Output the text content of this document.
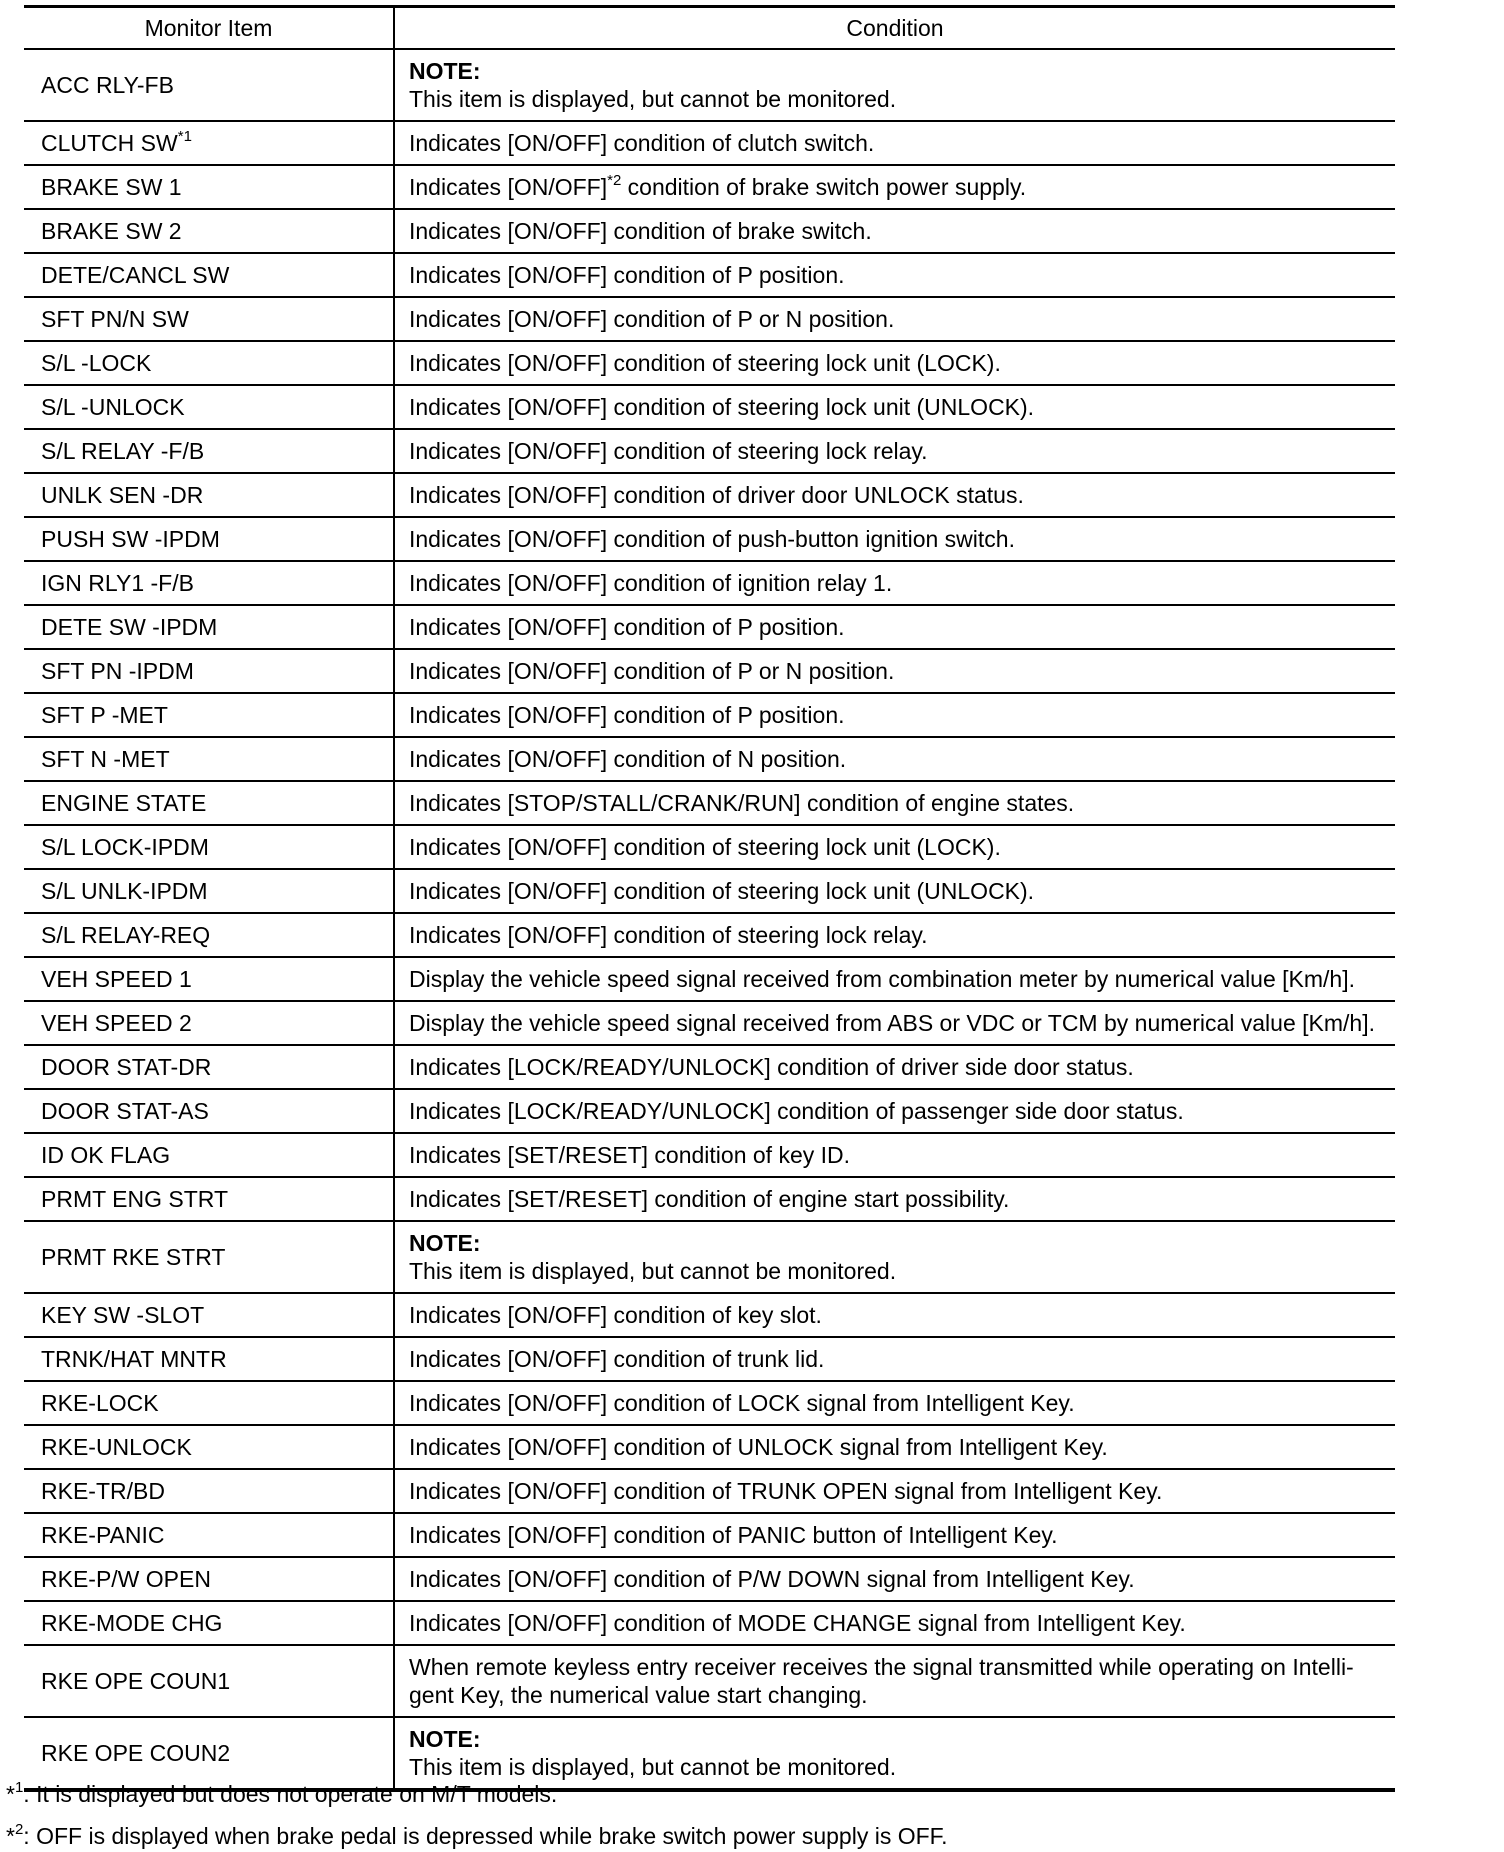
Monitor Item	Condition
ACC RLY-FB	NOTE:
This item is displayed, but cannot be monitored.

CLUTCH SW$^{*1}$	Indicates [ON/OFF] condition of clutch switch.
BRAKE SW 1	Indicates $[ON/OFF]^{*2}$ condition of brake switch power supply.
BRAKE SW 2	Indicates [ON/OFF] condition of brake switch.
DETE/CANCL SW	Indicates [ON/OFF] condition of P position.
SFT PN/N SW	Indicates [ON/OFF] condition of P or N position.
S/L -LOCK	Indicates [ON/OFF] condition of steering lock unit (LOCK).
S/L -UNLOCK	Indicates [ON/OFF] condition of steering lock unit (UNLOCK).
S/L RELAY -F/B	Indicates [ON/OFF] condition of steering lock relay.
UNLK SEN -DR	Indicates [ON/OFF] condition of driver door UNLOCK status.
PUSH SW -IPDM	Indicates [ON/OFF] condition of push-button ignition switch.
IGN RLY1 -F/B	Indicates [ON/OFF] condition of ignition relay 1.
DETE SW -IPDM	Indicates [ON/OFF] condition of P position.
SFT PN -IPDM	Indicates [ON/OFF] condition of P or N position.
SFT P -MET	Indicates [ON/OFF] condition of P position.
SFT N -MET	Indicates [ON/OFF] condition of N position.
ENGINE STATE	Indicates [STOP/STALL/CRANK/RUN] condition of engine states.
S/L LOCK-IPDM	Indicates [ON/OFF] condition of steering lock unit (LOCK).
S/L UNLK-IPDM	Indicates [ON/OFF] condition of steering lock unit (UNLOCK).
S/L RELAY-REQ	Indicates [ON/OFF] condition of steering lock relay.
VEH SPEED 1	Display the vehicle speed signal received from combination meter by numerical value [Km/h].
VEH SPEED 2	Display the vehicle speed signal received from ABS or VDC or TCM by numerical value [Km/h].
DOOR STAT-DR	Indicates [LOCK/READY/UNLOCK] condition of driver side door status.
DOOR STAT-AS	Indicates [LOCK/READY/UNLOCK] condition of passenger side door status.
ID OK FLAG	Indicates [SET/RESET] condition of key ID.
PRMT ENG STRT	Indicates [SET/RESET] condition of engine start possibility.
PRMT RKE STRT	NOTE:
This item is displayed, but cannot be monitored.

KEY SW -SLOT	Indicates [ON/OFF] condition of key slot.
TRNK/HAT MNTR	Indicates [ON/OFF] condition of trunk lid.
RKE-LOCK	Indicates [ON/OFF] condition of LOCK signal from Intelligent Key.
RKE-UNLOCK	Indicates [ON/OFF] condition of UNLOCK signal from Intelligent Key.
RKE-TR/BD	Indicates [ON/OFF] condition of TRUNK OPEN signal from Intelligent Key.
RKE-PANIC	Indicates [ON/OFF] condition of PANIC button of Intelligent Key.
RKE-P/W OPEN	Indicates [ON/OFF] condition of P/W DOWN signal from Intelligent Key.
RKE-MODE CHG	Indicates [ON/OFF] condition of MODE CHANGE signal from Intelligent Key.
RKE OPE COUN1	When remote keyless entry receiver receives the signal transmitted while operating on Intelli-
gent Key, the numerical value start changing.

RKE OPE COUN2	NOTE:
This item is displayed, but cannot be monitored.
*$^1$: It is displayed but does not operate on M/T models.
*$^2$: OFF is displayed when brake pedal is depressed while brake switch power supply is OFF.
